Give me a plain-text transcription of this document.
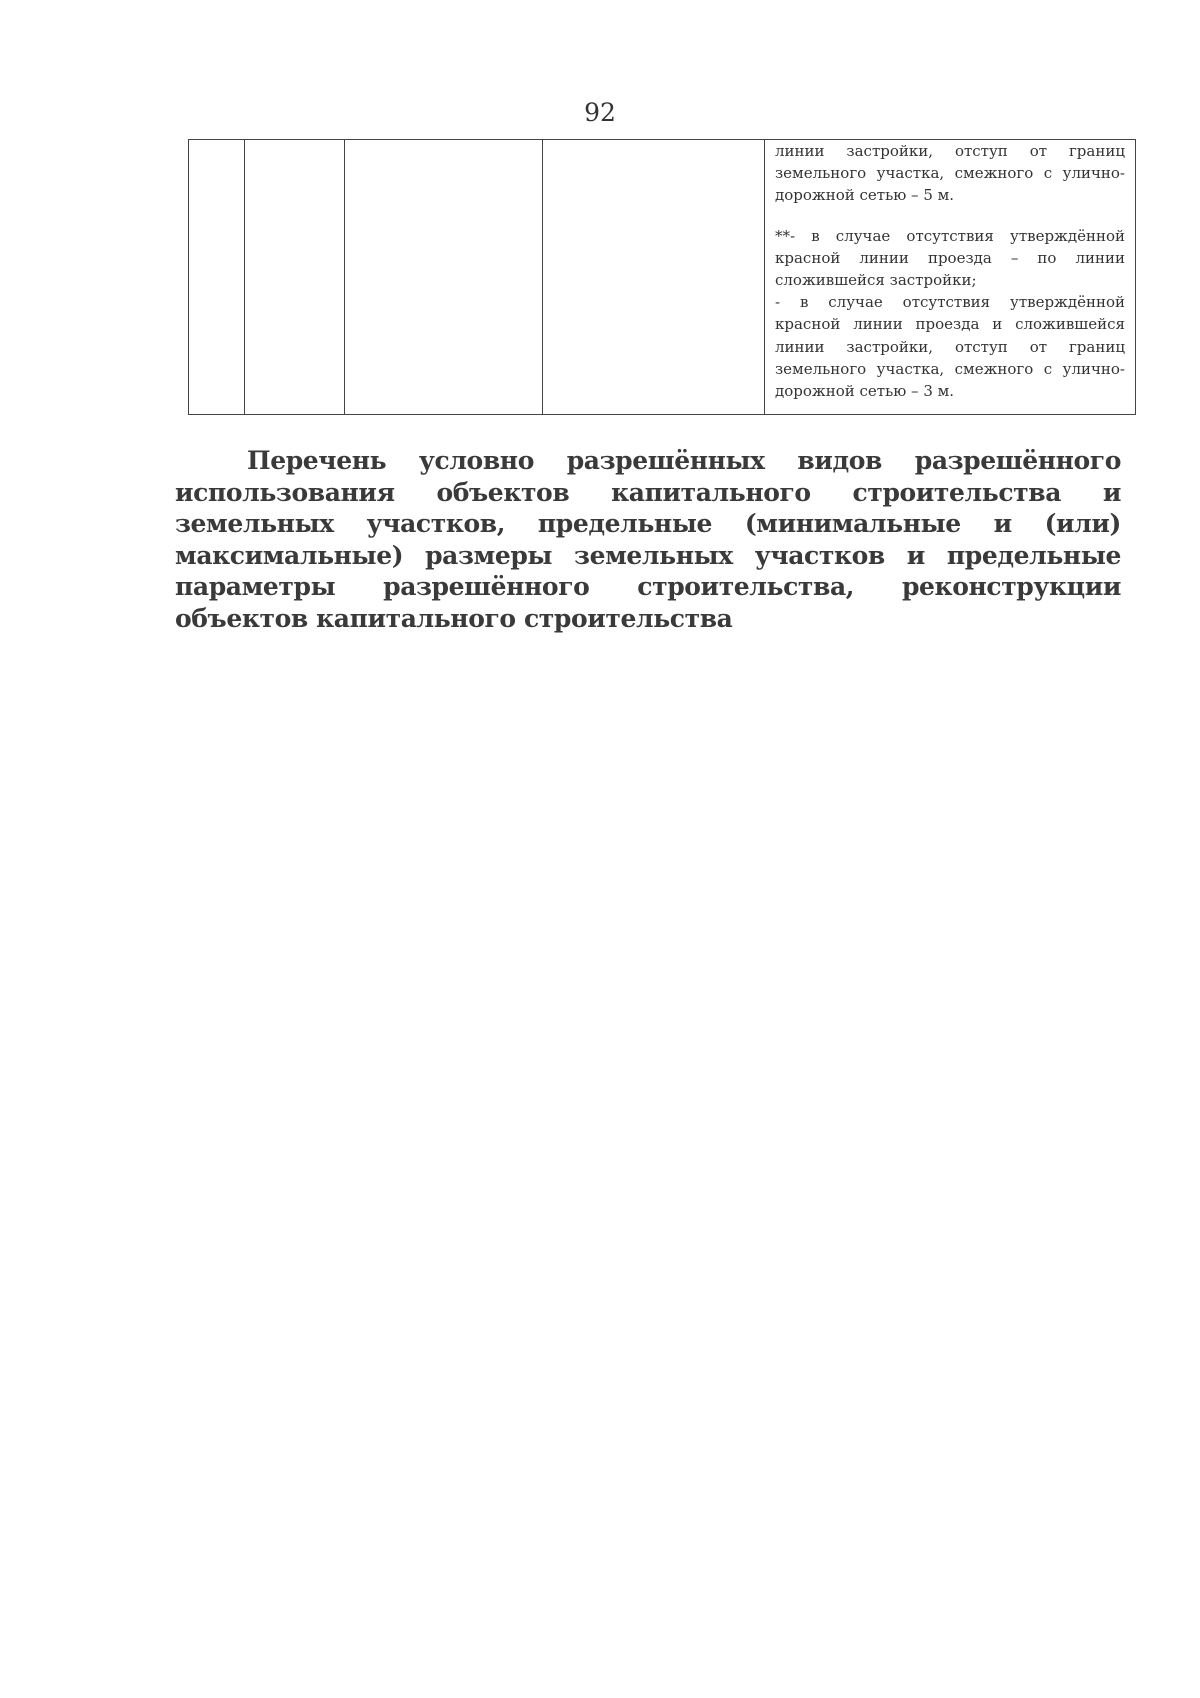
92

линии застройки, отступ от границ земельного участка, смежного с улично-дорожной сетью – 5 м.

**- в случае отсутствия утверждённой красной линии проезда – по линии сложившейся застройки;

- в случае отсутствия утверждённой красной линии проезда и сложившейся линии застройки, отступ от границ земельного участка, смежного с улично-дорожной сетью – 3 м.

Перечень условно разрешённых видов разрешённого использования объектов капитального строительства и земельных участков, предельные (минимальные и (или) максимальные) размеры земельных участков и предельные параметры разрешённого строительства, реконструкции объектов капитального строительства
